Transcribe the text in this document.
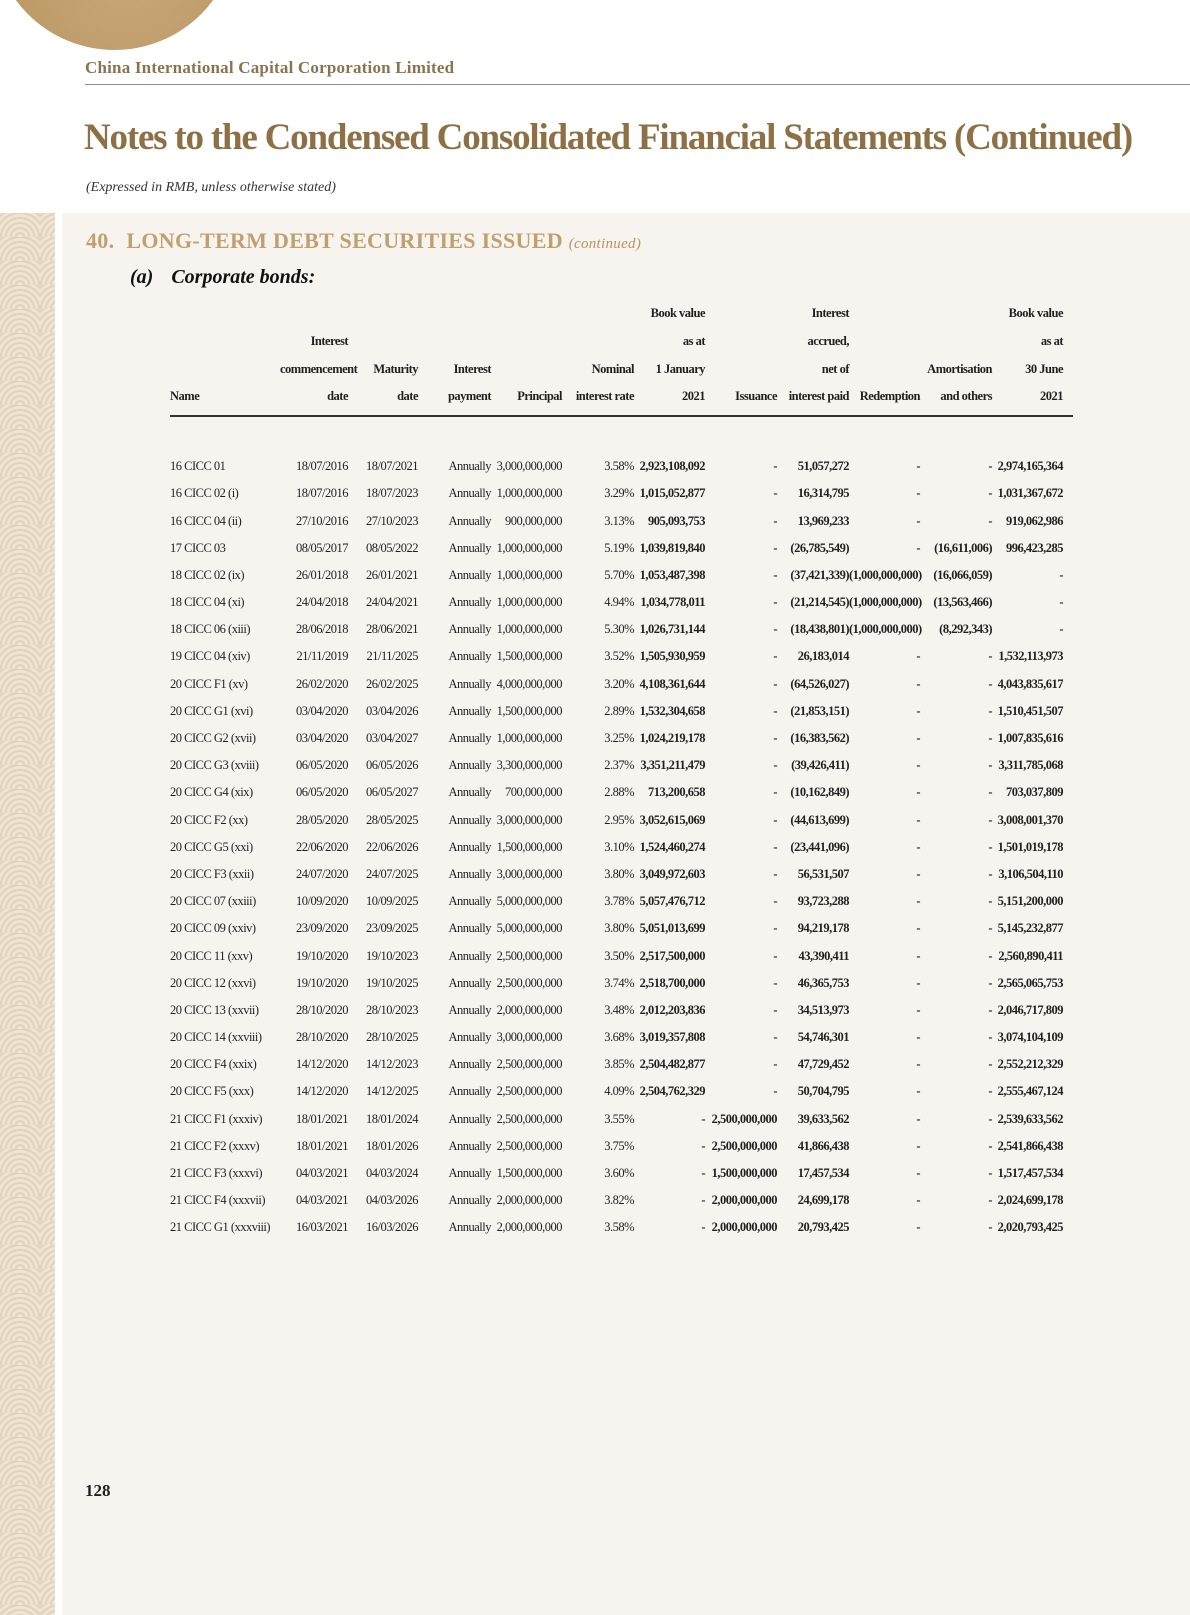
China International Capital Corporation Limited
Notes to the Condensed Consolidated Financial Statements (Continued)
(Expressed in RMB, unless otherwise stated)
40. LONG-TERM DEBT SECURITIES ISSUED (continued)
(a) Corporate bonds:
						Book value		Interest			Book value
	Interest					as at		accrued,			as at
	commencement	Maturity	Interest		Nominal	1 January		net of		Amortisation	30 June
Name	date	date	payment	Principal	interest rate	2021	Issuance	interest paid	Redemption	and others	2021

16 CICC 01	18/07/2016	18/07/2021	Annually	3,000,000,000	3.58%	2,923,108,092	-	51,057,272	-	-	2,974,165,364
16 CICC 02 (i)	18/07/2016	18/07/2023	Annually	1,000,000,000	3.29%	1,015,052,877	-	16,314,795	-	-	1,031,367,672
16 CICC 04 (ii)	27/10/2016	27/10/2023	Annually	900,000,000	3.13%	905,093,753	-	13,969,233	-	-	919,062,986
17 CICC 03	08/05/2017	08/05/2022	Annually	1,000,000,000	5.19%	1,039,819,840	-	(26,785,549)	-	(16,611,006)	996,423,285
18 CICC 02 (ix)	26/01/2018	26/01/2021	Annually	1,000,000,000	5.70%	1,053,487,398	-	(37,421,339)	(1,000,000,000)	(16,066,059)	-
18 CICC 04 (xi)	24/04/2018	24/04/2021	Annually	1,000,000,000	4.94%	1,034,778,011	-	(21,214,545)	(1,000,000,000)	(13,563,466)	-
18 CICC 06 (xiii)	28/06/2018	28/06/2021	Annually	1,000,000,000	5.30%	1,026,731,144	-	(18,438,801)	(1,000,000,000)	(8,292,343)	-
19 CICC 04 (xiv)	21/11/2019	21/11/2025	Annually	1,500,000,000	3.52%	1,505,930,959	-	26,183,014	-	-	1,532,113,973
20 CICC F1 (xv)	26/02/2020	26/02/2025	Annually	4,000,000,000	3.20%	4,108,361,644	-	(64,526,027)	-	-	4,043,835,617
20 CICC G1 (xvi)	03/04/2020	03/04/2026	Annually	1,500,000,000	2.89%	1,532,304,658	-	(21,853,151)	-	-	1,510,451,507
20 CICC G2 (xvii)	03/04/2020	03/04/2027	Annually	1,000,000,000	3.25%	1,024,219,178	-	(16,383,562)	-	-	1,007,835,616
20 CICC G3 (xviii)	06/05/2020	06/05/2026	Annually	3,300,000,000	2.37%	3,351,211,479	-	(39,426,411)	-	-	3,311,785,068
20 CICC G4 (xix)	06/05/2020	06/05/2027	Annually	700,000,000	2.88%	713,200,658	-	(10,162,849)	-	-	703,037,809
20 CICC F2 (xx)	28/05/2020	28/05/2025	Annually	3,000,000,000	2.95%	3,052,615,069	-	(44,613,699)	-	-	3,008,001,370
20 CICC G5 (xxi)	22/06/2020	22/06/2026	Annually	1,500,000,000	3.10%	1,524,460,274	-	(23,441,096)	-	-	1,501,019,178
20 CICC F3 (xxii)	24/07/2020	24/07/2025	Annually	3,000,000,000	3.80%	3,049,972,603	-	56,531,507	-	-	3,106,504,110
20 CICC 07 (xxiii)	10/09/2020	10/09/2025	Annually	5,000,000,000	3.78%	5,057,476,712	-	93,723,288	-	-	5,151,200,000
20 CICC 09 (xxiv)	23/09/2020	23/09/2025	Annually	5,000,000,000	3.80%	5,051,013,699	-	94,219,178	-	-	5,145,232,877
20 CICC 11 (xxv)	19/10/2020	19/10/2023	Annually	2,500,000,000	3.50%	2,517,500,000	-	43,390,411	-	-	2,560,890,411
20 CICC 12 (xxvi)	19/10/2020	19/10/2025	Annually	2,500,000,000	3.74%	2,518,700,000	-	46,365,753	-	-	2,565,065,753
20 CICC 13 (xxvii)	28/10/2020	28/10/2023	Annually	2,000,000,000	3.48%	2,012,203,836	-	34,513,973	-	-	2,046,717,809
20 CICC 14 (xxviii)	28/10/2020	28/10/2025	Annually	3,000,000,000	3.68%	3,019,357,808	-	54,746,301	-	-	3,074,104,109
20 CICC F4 (xxix)	14/12/2020	14/12/2023	Annually	2,500,000,000	3.85%	2,504,482,877	-	47,729,452	-	-	2,552,212,329
20 CICC F5 (xxx)	14/12/2020	14/12/2025	Annually	2,500,000,000	4.09%	2,504,762,329	-	50,704,795	-	-	2,555,467,124
21 CICC F1 (xxxiv)	18/01/2021	18/01/2024	Annually	2,500,000,000	3.55%	-	2,500,000,000	39,633,562	-	-	2,539,633,562
21 CICC F2 (xxxv)	18/01/2021	18/01/2026	Annually	2,500,000,000	3.75%	-	2,500,000,000	41,866,438	-	-	2,541,866,438
21 CICC F3 (xxxvi)	04/03/2021	04/03/2024	Annually	1,500,000,000	3.60%	-	1,500,000,000	17,457,534	-	-	1,517,457,534
21 CICC F4 (xxxvii)	04/03/2021	04/03/2026	Annually	2,000,000,000	3.82%	-	2,000,000,000	24,699,178	-	-	2,024,699,178
21 CICC G1 (xxxviii)	16/03/2021	16/03/2026	Annually	2,000,000,000	3.58%	-	2,000,000,000	20,793,425	-	-	2,020,793,425
128
